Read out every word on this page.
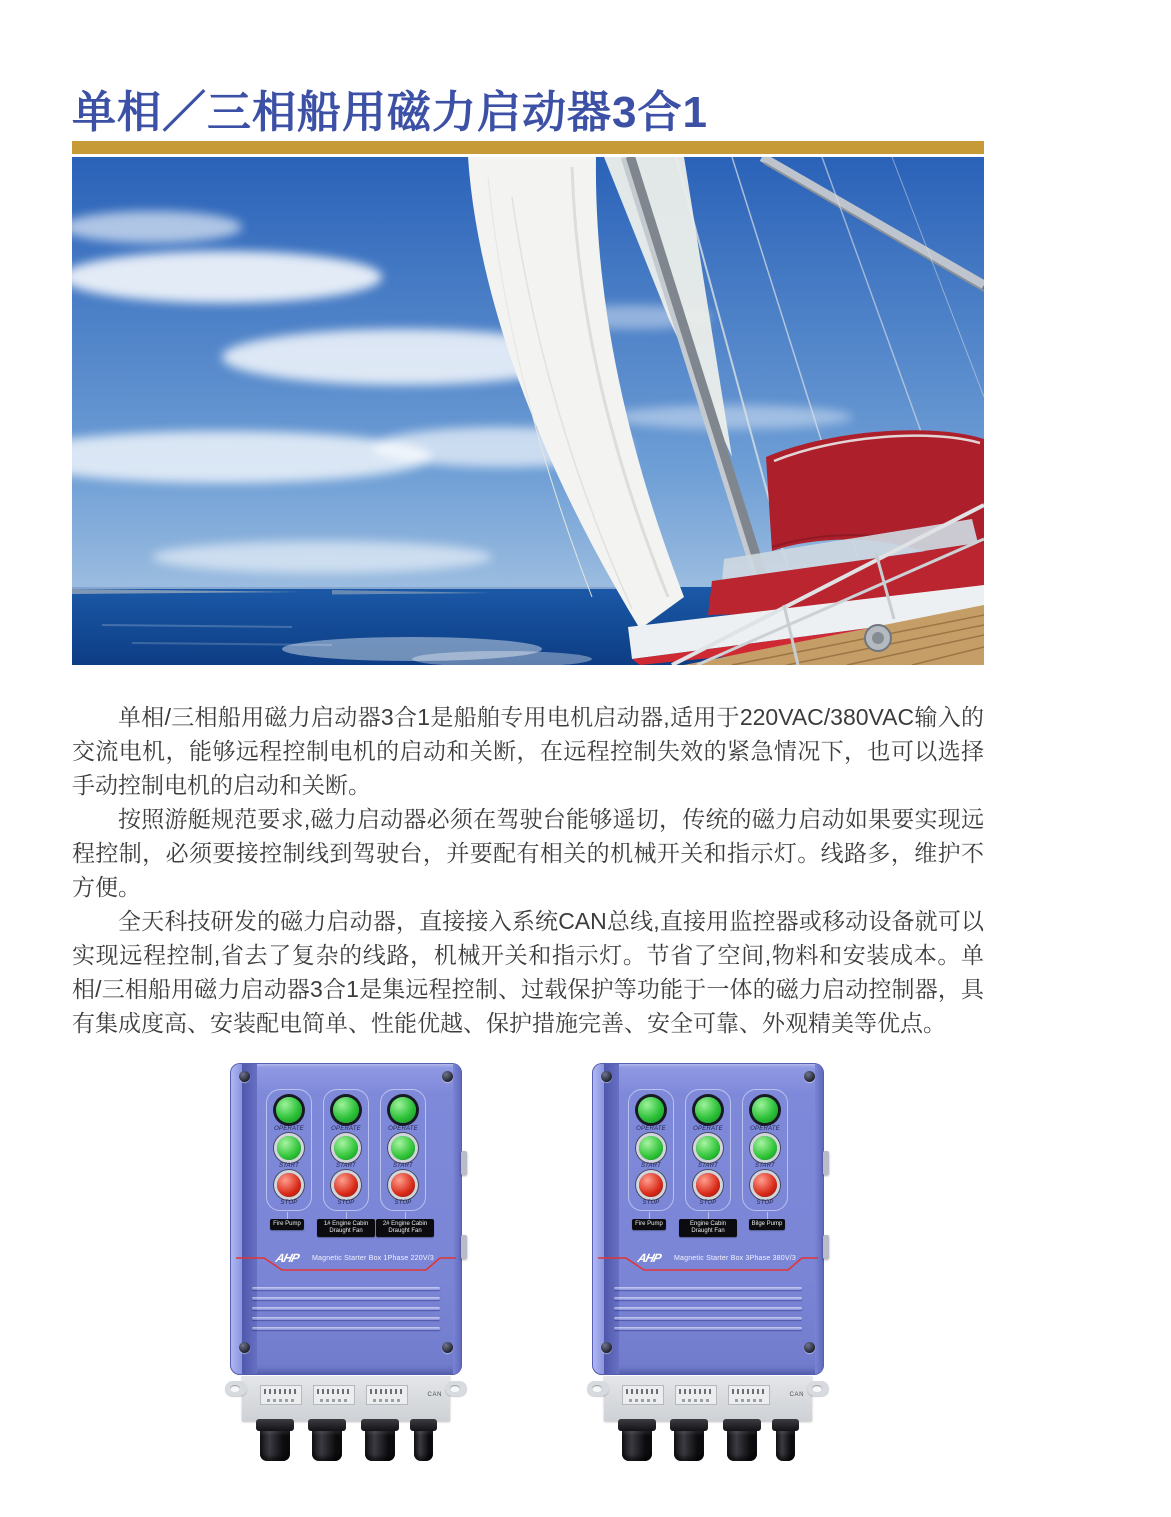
单相／三相船用磁力启动器3合1

单相/三相船用磁力启动器3合1是船舶专用电机启动器,适用于220VAC/380VAC输入的交流电机，能够远程控制电机的启动和关断，在远程控制失效的紧急情况下，也可以选择手动控制电机的启动和关断。

按照游艇规范要求,磁力启动器必须在驾驶台能够遥切，传统的磁力启动如果要实现远程控制，必须要接控制线到驾驶台，并要配有相关的机械开关和指示灯。线路多，维护不方便。

全天科技研发的磁力启动器，直接接入系统CAN总线,直接用监控器或移动设备就可以实现远程控制,省去了复杂的线路，机械开关和指示灯。节省了空间,物料和安装成本。单相/三相船用磁力启动器3合1是集远程控制、过载保护等功能于一体的磁力启动控制器，具有集成度高、安装配电简单、性能优越、保护措施完善、安全可靠、外观精美等优点。

OPERATE
START
STOP
OPERATE
START
STOP
OPERATE
START
STOP
Fire Pump	1# Engine Cabin Draught Fan
2# Engine Cabin Draught Fan
AHP Magnetic Starter Box 1Phase 220V/3
CAN
OPERATE
START
STOP
OPERATE
START
STOP
OPERATE
START
STOP
Fire Pump	Engine Cabin Draught Fan
Bilge Pump
AHP Magnetic Starter Box 3Phase 380V/3
CAN
